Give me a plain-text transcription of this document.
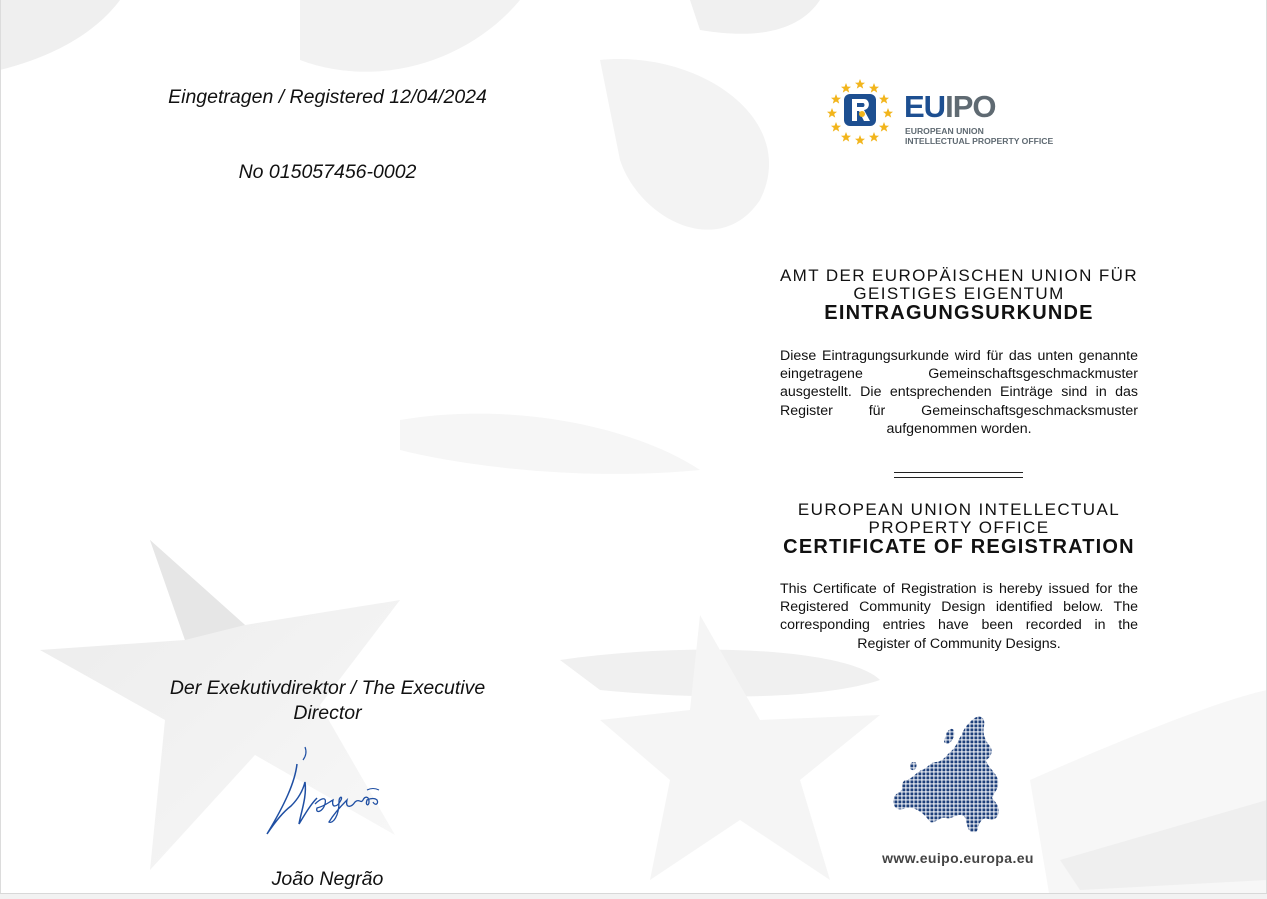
Eingetragen / Registered 12/04/2024
No 015057456-0002
Der Exekutivdirektor / The Executive Director
João Negrão
EUIPO
EUROPEAN UNION
INTELLECTUAL PROPERTY OFFICE
AMT DER EUROPÄISCHEN UNION FÜR
GEISTIGES EIGENTUM
EINTRAGUNGSURKUNDE
Diese Eintragungsurkunde wird für das unten genannte eingetragene Gemeinschaftsgeschmackmuster ausgestellt. Die entsprechenden Einträge sind in das Register für Gemeinschaftsgeschmacksmuster aufgenommen worden.
EUROPEAN UNION INTELLECTUAL
PROPERTY OFFICE
CERTIFICATE OF REGISTRATION
This Certificate of Registration is hereby issued for the Registered Community Design identified below. The corresponding entries have been recorded in the Register of Community Designs.
www.euipo.europa.eu
